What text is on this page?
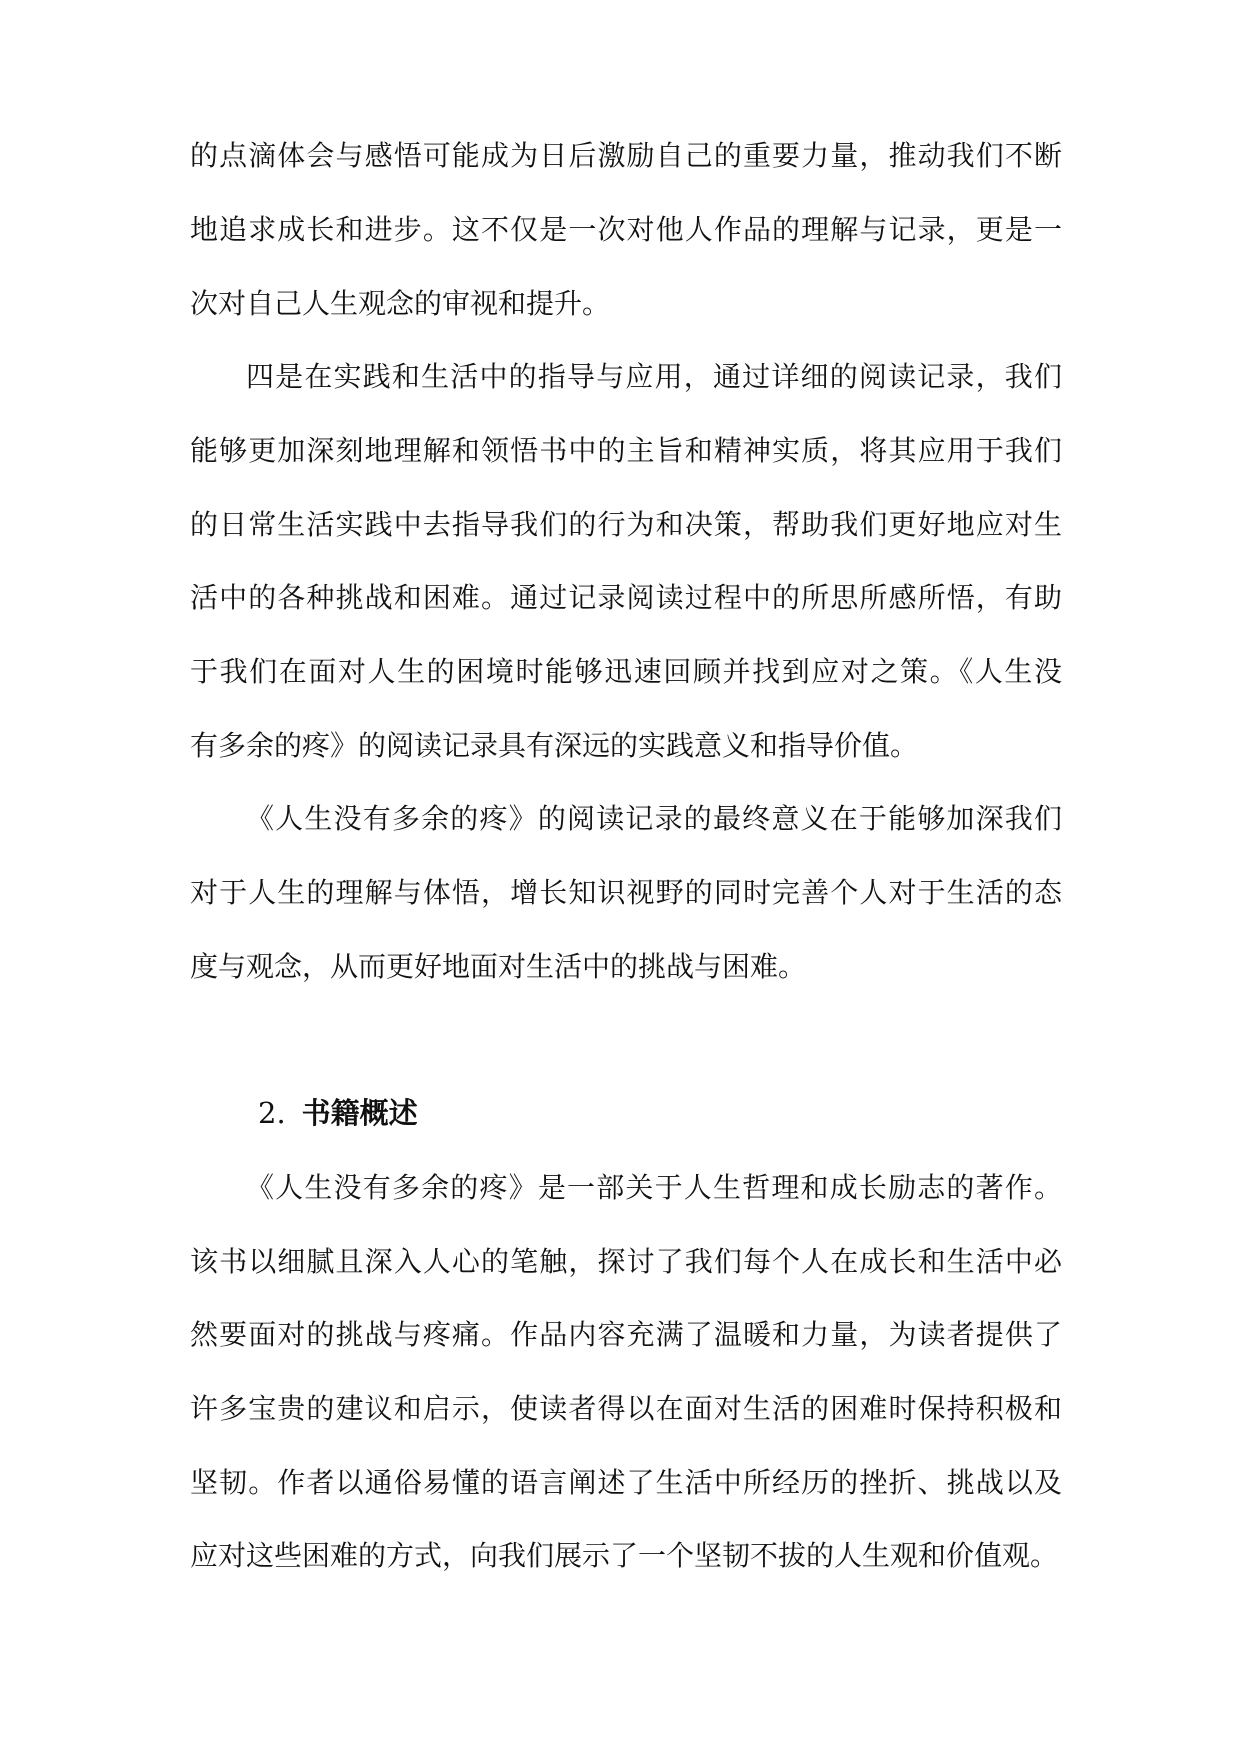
的点滴体会与感悟可能成为日后激励自己的重要力量，推动我们不断

地追求成长和进步。这不仅是一次对他人作品的理解与记录，更是一

次对自己人生观念的审视和提升。

四是在实践和生活中的指导与应用，通过详细的阅读记录，我们

能够更加深刻地理解和领悟书中的主旨和精神实质，将其应用于我们

的日常生活实践中去指导我们的行为和决策，帮助我们更好地应对生

活中的各种挑战和困难。通过记录阅读过程中的所思所感所悟，有助

于我们在面对人生的困境时能够迅速回顾并找到应对之策。《人生没

有多余的疼》的阅读记录具有深远的实践意义和指导价值。

《人生没有多余的疼》的阅读记录的最终意义在于能够加深我们

对于人生的理解与体悟，增长知识视野的同时完善个人对于生活的态

度与观念，从而更好地面对生活中的挑战与困难。

2. 书籍概述

《人生没有多余的疼》是一部关于人生哲理和成长励志的著作。

该书以细腻且深入人心的笔触，探讨了我们每个人在成长和生活中必

然要面对的挑战与疼痛。作品内容充满了温暖和力量，为读者提供了

许多宝贵的建议和启示，使读者得以在面对生活的困难时保持积极和

坚韧。作者以通俗易懂的语言阐述了生活中所经历的挫折、挑战以及

应对这些困难的方式，向我们展示了一个坚韧不拔的人生观和价值观。
